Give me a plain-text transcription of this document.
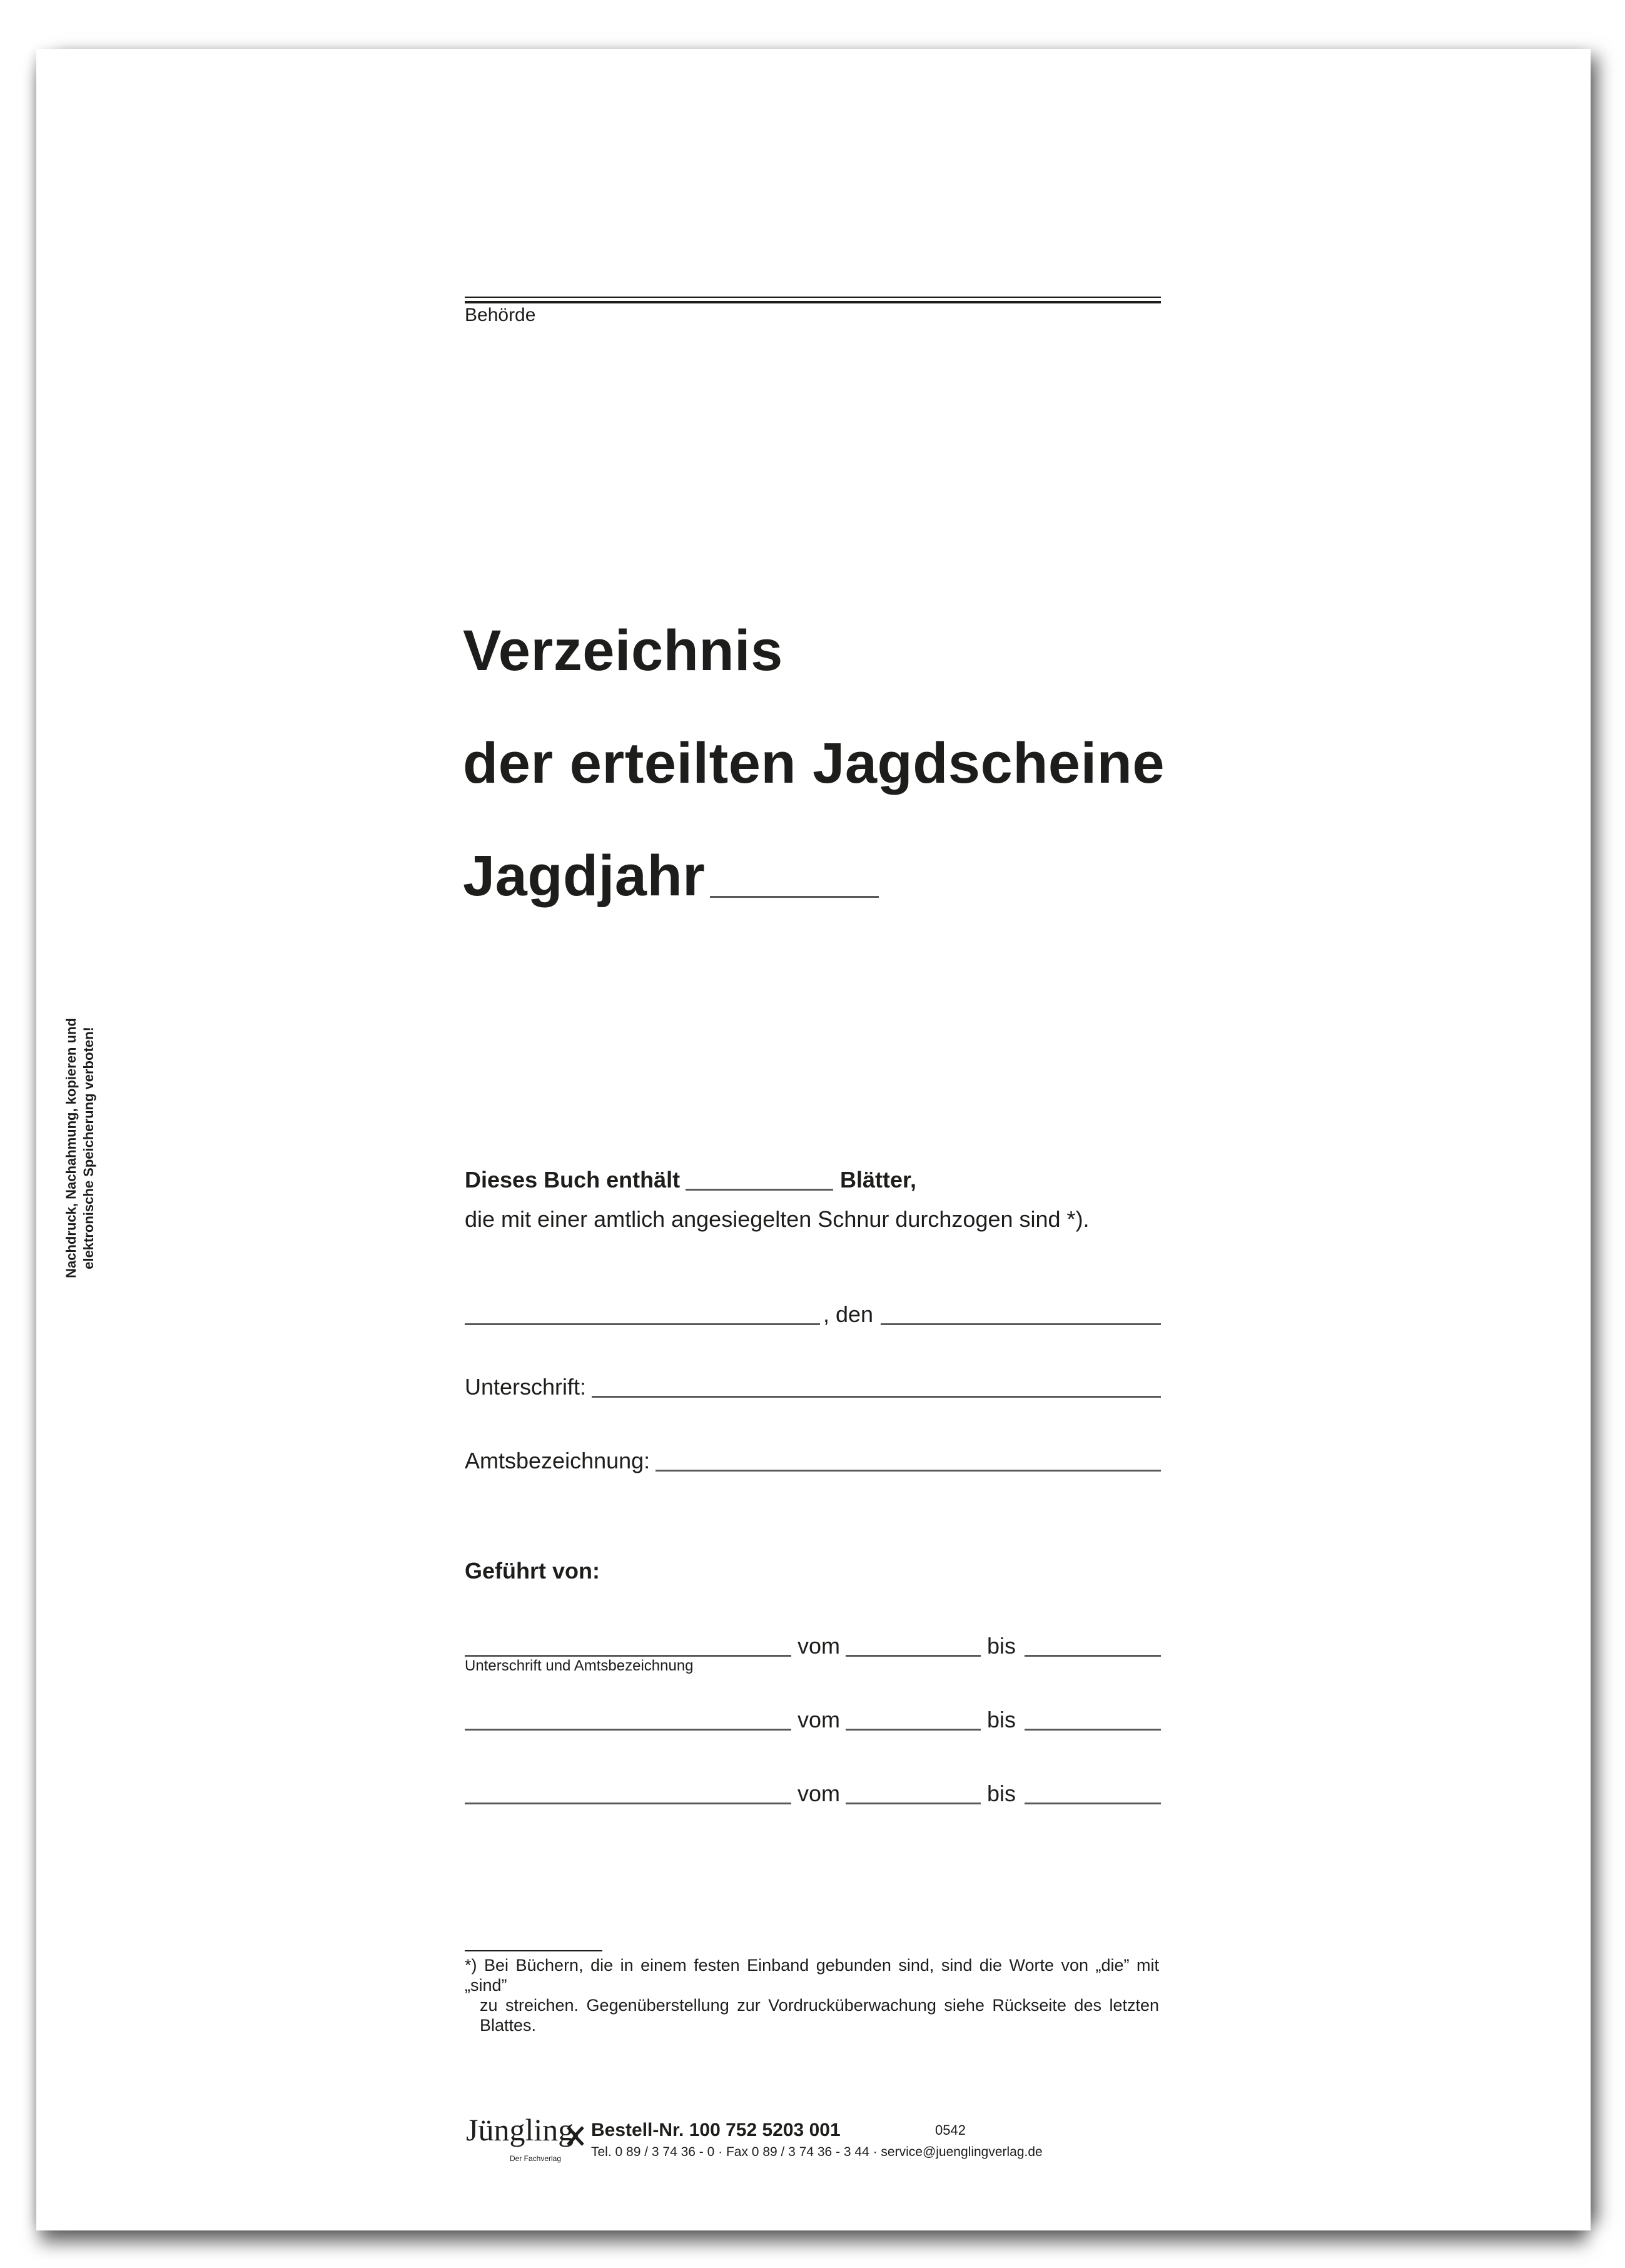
Nachdruck, Nachahmung, kopieren und elektronische Speicherung verboten!
Behörde
Verzeichnis
der erteilten Jagdscheine
Jagdjahr
Dieses Buch enthält	Blätter,
die mit einer amtlich angesiegelten Schnur durchzogen sind *).
, den
Unterschrift:
Amtsbezeichnung:
Geführt von:
vom	bis
Unterschrift und Amtsbezeichnung
vom	bis
vom	bis
*) Bei Büchern, die in einem festen Einband gebunden sind, sind die Worte von „die” mit „sind”
zu streichen. Gegenüberstellung zur Vordrucküberwachung siehe Rückseite des letzten Blattes.
Jüngling
Der Fachverlag
Bestell-Nr. 100 752 5203 001	0542
Tel. 0 89 / 3 74 36 - 0 · Fax 0 89 / 3 74 36 - 3 44 · service@juenglingverlag.de
